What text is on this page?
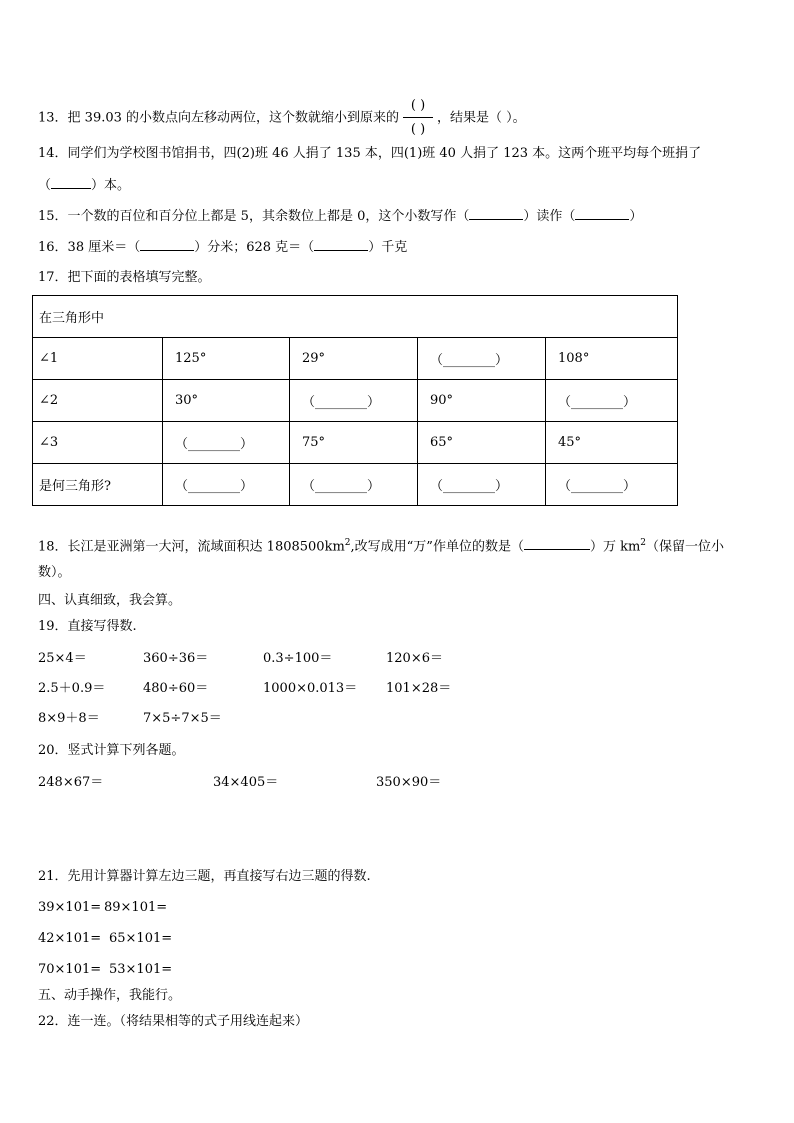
13．把 39.03 的小数点向左移动两位，这个数就缩小到原来的 $\frac{( )}{( )}$ ，结果是（ ）。
14．同学们为学校图书馆捐书，四(2)班 46 人捐了 135 本，四(1)班 40 人捐了 123 本。这两个班平均每个班捐了
（	）本。
15．一个数的百位和百分位上都是 5，其余数位上都是 0，这个小数写作（	）读作（	）
16．38 厘米＝（	）分米；628 克＝（	）千克
17．把下面的表格填写完整。
在三角形中				
∠1	125°	29°	（________）	108°
∠2	30°	（________）	90°	（________）
∠3	（________）	75°	65°	45°
是何三角形?	（________）	（________）	（________）	（________）
18．长江是亚洲第一大河，流域面积达 $1808500km^2$,改写成用“万”作单位的数是（	）万 $km^2$（保留一位小
数）。
四、认真细致，我会算。
19．直接写得数.
25×4＝	360÷36＝	0.3÷100＝	120×6＝
2.5＋0.9＝	480÷60＝	1000×0.013＝ 101×28＝
8×9＋8＝	7×5÷7×5＝
20．竖式计算下列各题。
248×67＝	34×405＝	350×90＝
21．先用计算器计算左边三题，再直接写右边三题的得数.
39×101= 89×101=
42×101= 65×101=
70×101= 53×101=
五、动手操作，我能行。
22．连一连。（将结果相等的式子用线连起来）
